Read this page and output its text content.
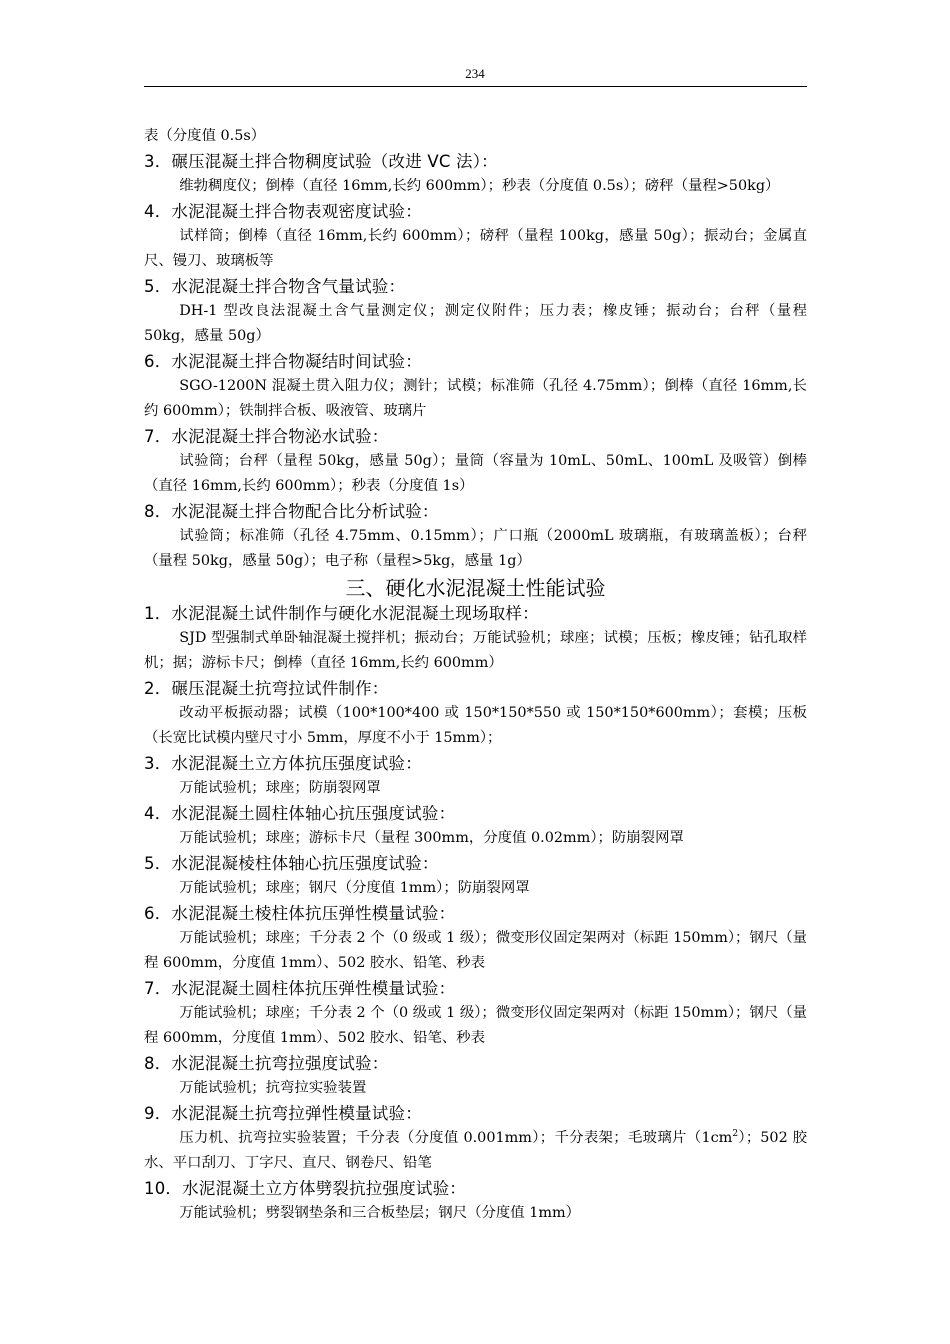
234
表（分度值 0.5s）
3．碾压混凝土拌合物稠度试验（改进 VC 法）：
维勃稠度仪；倒棒（直径 16mm,长约 600mm）；秒表（分度值 0.5s）；磅秤（量程>50kg）
4．水泥混凝土拌合物表观密度试验：
试样筒；倒棒（直径 16mm,长约 600mm）；磅秤（量程 100kg，感量 50g）；振动台；金属直尺、镘刀、玻璃板等
5．水泥混凝土拌合物含气量试验：
DH-1 型改良法混凝土含气量测定仪；测定仪附件；压力表；橡皮锤；振动台；台秤（量程 50kg，感量 50g）
6．水泥混凝土拌合物凝结时间试验：
SGO-1200N 混凝土贯入阻力仪；测针；试模；标准筛（孔径 4.75mm）；倒棒（直径 16mm,长约 600mm）；铁制拌合板、吸液管、玻璃片
7．水泥混凝土拌合物泌水试验：
试验筒；台秤（量程 50kg，感量 50g）；量筒（容量为 10mL、50mL、100mL 及吸管）倒棒（直径 16mm,长约 600mm）；秒表（分度值 1s）
8．水泥混凝土拌合物配合比分析试验：
试验筒；标准筛（孔径 4.75mm、0.15mm）；广口瓶（2000mL 玻璃瓶，有玻璃盖板）；台秤（量程 50kg，感量 50g）；电子称（量程>5kg，感量 1g）
三、硬化水泥混凝土性能试验
1．水泥混凝土试件制作与硬化水泥混凝土现场取样：
SJD 型强制式单卧轴混凝土搅拌机；振动台；万能试验机；球座；试模；压板；橡皮锤；钻孔取样机；据；游标卡尺；倒棒（直径 16mm,长约 600mm）
2．碾压混凝土抗弯拉试件制作：
改动平板振动器；试模（100*100*400 或 150*150*550 或 150*150*600mm）；套模；压板（长宽比试模内壁尺寸小 5mm，厚度不小于 15mm）；
3．水泥混凝土立方体抗压强度试验：
万能试验机；球座；防崩裂网罩
4．水泥混凝土圆柱体轴心抗压强度试验：
万能试验机；球座；游标卡尺（量程 300mm，分度值 0.02mm）；防崩裂网罩
5．水泥混凝棱柱体轴心抗压强度试验：
万能试验机；球座；钢尺（分度值 1mm）；防崩裂网罩
6．水泥混凝土棱柱体抗压弹性模量试验：
万能试验机；球座；千分表 2 个（0 级或 1 级）；微变形仪固定架两对（标距 150mm）；钢尺（量程 600mm，分度值 1mm）、502 胶水、铅笔、秒表
7．水泥混凝土圆柱体抗压弹性模量试验：
万能试验机；球座；千分表 2 个（0 级或 1 级）；微变形仪固定架两对（标距 150mm）；钢尺（量程 600mm，分度值 1mm）、502 胶水、铅笔、秒表
8．水泥混凝土抗弯拉强度试验：
万能试验机；抗弯拉实验装置
9．水泥混凝土抗弯拉弹性模量试验：
压力机、抗弯拉实验装置；千分表（分度值 0.001mm）；千分表架；毛玻璃片$(1cm^2)$；502 胶水、平口刮刀、丁字尺、直尺、钢卷尺、铅笔
10．水泥混凝土立方体劈裂抗拉强度试验：
万能试验机；劈裂钢垫条和三合板垫层；钢尺（分度值 1mm）
